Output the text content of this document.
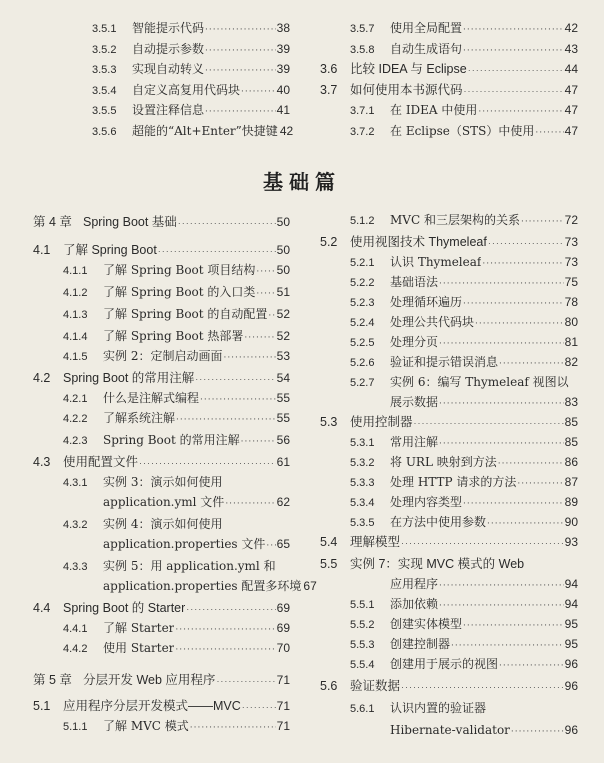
基础篇
3.5.1	智能提示代码 ·····	38
3.5.2	自动提示参数 ·····	39
3.5.3	实现自动转义 ·····	39
3.5.4	自定义高复用代码块 ·····	40
3.5.5	设置注释信息 ·····	41
3.5.6	超能的“Alt+Enter”快捷键 42
3.5.7	使用全局配置 ·····	42
3.5.8	自动生成语句 ·····	43
3.6	比较 IDEA 与 Eclipse ·····	44
3.7	如何使用本书源代码 ·····	47
3.7.1	在 IDEA 中使用 ·····	47
3.7.2	在 Eclipse（STS）中使用 ·····	47
第 4 章 Spring Boot 基础 ·····	50
4.1	了解 Spring Boot ·····	50
4.1.1	了解 Spring Boot 项目结构 ····· 50
4.1.2	了解 Spring Boot 的入口类 ····· 51
4.1.3	了解 Spring Boot 的自动配置 ····· 52
4.1.4	了解 Spring Boot 热部署 ·····	52
4.1.5	实例 2：定制启动画面 ·····	53
4.2	Spring Boot 的常用注解 ·····	54
4.2.1	什么是注解式编程 ·····	55
4.2.2	了解系统注解 ·····	55
4.2.3	Spring Boot 的常用注解 ·····	56
4.3	使用配置文件 ·····	61
4.3.1	实例 3：演示如何使用
application.yml 文件 ·····	62
4.3.2	实例 4：演示如何使用
application.properties 文件 ····· 65
4.3.3	实例 5：用 application.yml 和
application.properties 配置多环境 67
4.4	Spring Boot 的 Starter ·····	69
4.4.1	了解 Starter ·····	69
4.4.2	使用 Starter ·····	70
第 5 章 分层开发 Web 应用程序 ·····	71
5.1	应用程序分层开发模式——MVC ·····	71
5.1.1	了解 MVC 模式 ·····	71
5.1.2	MVC 和三层架构的关系 ·····	72
5.2	使用视图技术 Thymeleaf ·····	73
5.2.1	认识 Thymeleaf ·····	73
5.2.2	基础语法 ·····	75
5.2.3	处理循环遍历 ·····	78
5.2.4	处理公共代码块 ·····	80
5.2.5	处理分页 ·····	81
5.2.6	验证和提示错误消息 ·····	82
5.2.7	实例 6：编写 Thymeleaf 视图以
展示数据 ·····	83
5.3	使用控制器 ·····	85
5.3.1	常用注解 ·····	85
5.3.2	将 URL 映射到方法 ·····	86
5.3.3	处理 HTTP 请求的方法 ·····	87
5.3.4	处理内容类型 ·····	89
5.3.5	在方法中使用参数 ·····	90
5.4	理解模型 ·····	93
5.5	实例 7：实现 MVC 模式的 Web
应用程序 ·····	94
5.5.1	添加依赖 ·····	94
5.5.2	创建实体模型 ·····	95
5.5.3	创建控制器 ·····	95
5.5.4	创建用于展示的视图 ·····	96
5.6	验证数据 ·····	96
5.6.1	认识内置的验证器
Hibernate-validator ·····	96
